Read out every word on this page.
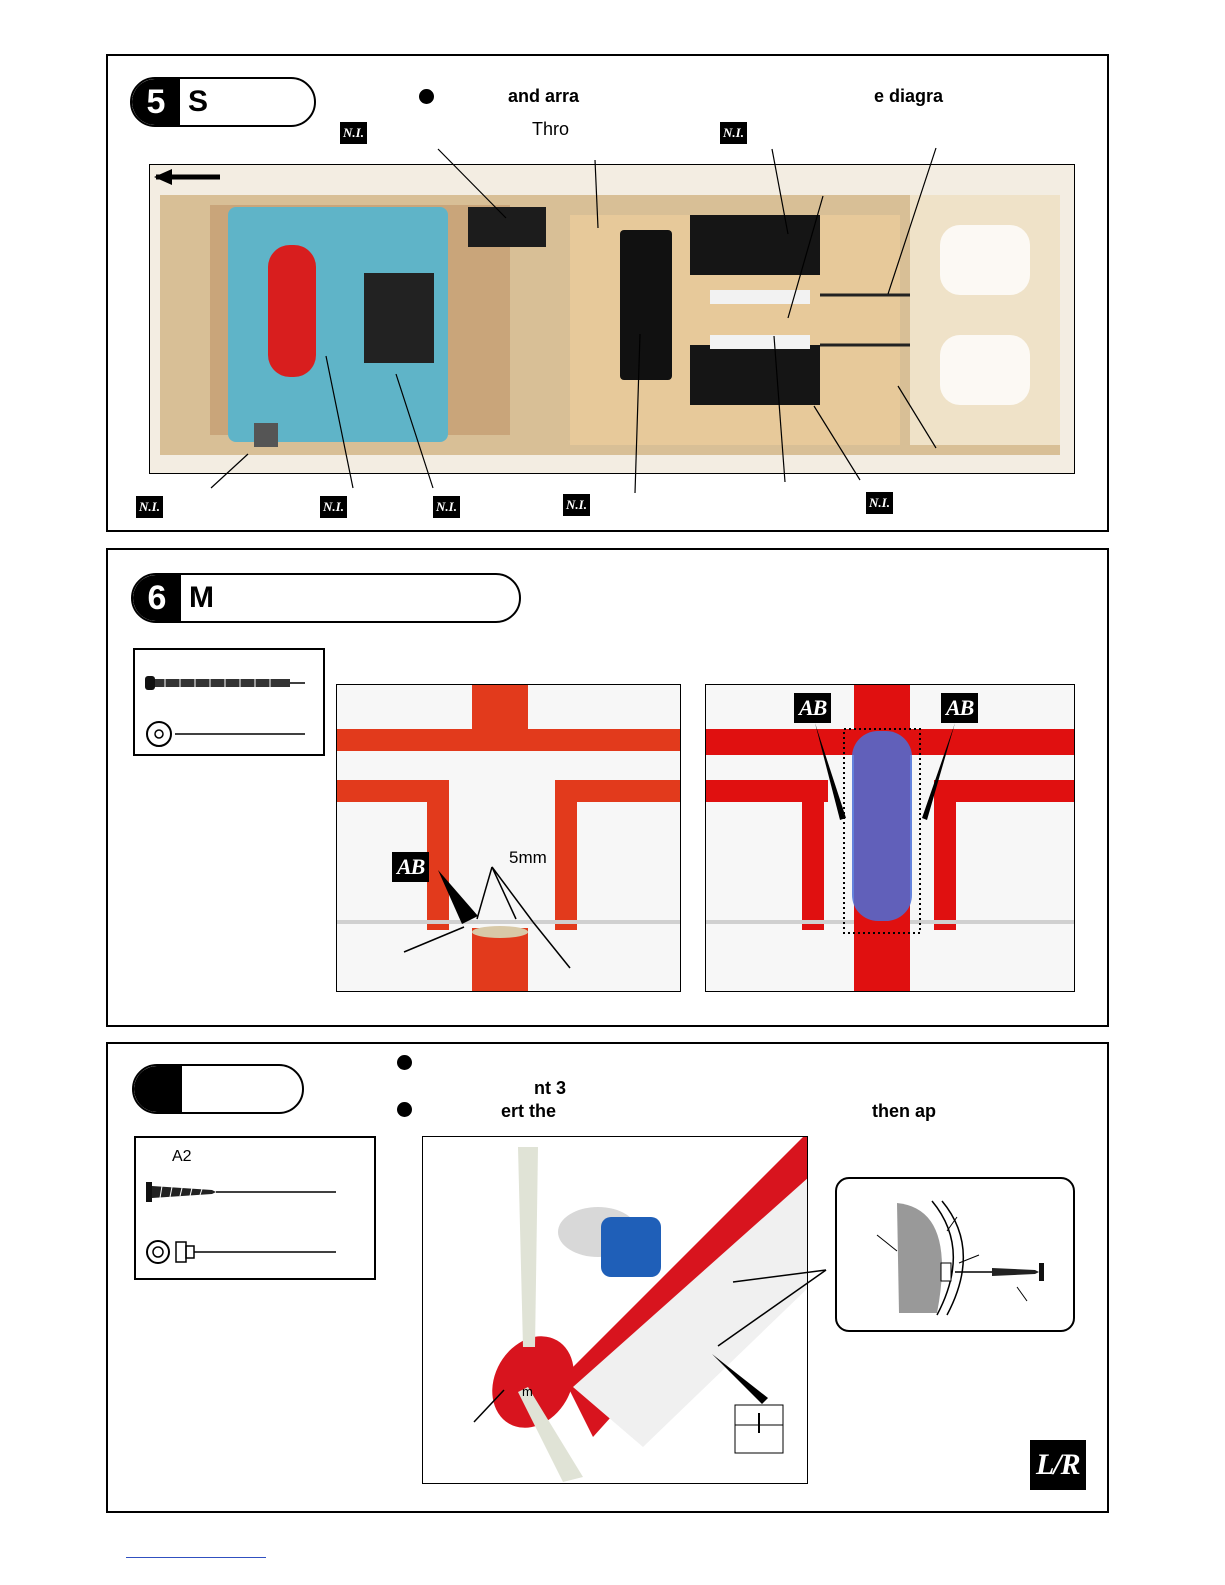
5 S	and arra	e diagra
Thro
N.I.	N.I.
N.I.	N.I.	N.I.	N.I.	N.I.
6 M
5mm
AB
AB	AB
nt 3
ert the	then ap
A2
m
L/R
